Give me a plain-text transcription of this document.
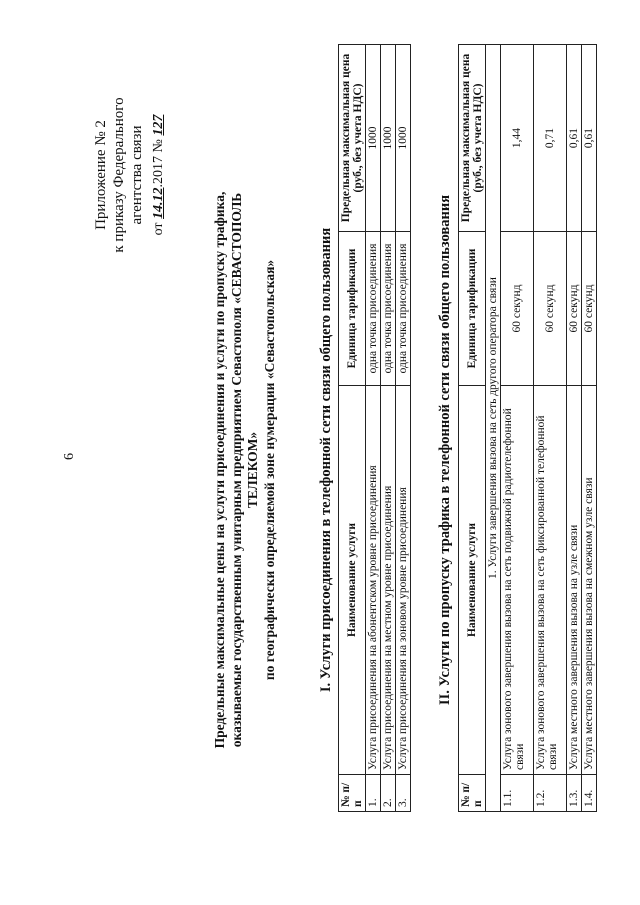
6
Приложение № 2 к приказу Федерального агентства связи
от 14.12.2017 № 127
Предельные максимальные цены на услуги присоединения и услуги по пропуску трафика, оказываемые государственным унитарным предприятием Севастополя «СЕВАСТОПОЛЬ ТЕЛЕКОМ» по географически определяемой зоне нумерации «Севастопольская»	I. Услуги присоединения в телефонной сети связи общего пользования
№ п/п	Наименование услуги	Единица тарификации	Предельная максимальная цена (руб., без учета НДС)
1.	Услуга присоединения на абонентском уровне присоединения	одна точка присоединения	1000
2.	Услуга присоединения на местном уровне присоединения	одна точка присоединения	1000
3.	Услуга присоединения на зоновом уровне присоединения	одна точка присоединения	1000
II. Услуги по пропуску трафика в телефонной сети связи общего пользования
№ п/п	Наименование услуги	Единица тарификации	Предельная максимальная цена (руб., без учета НДС)
1. Услуги завершения вызова на сеть другого оператора связи			
1.1.	Услуга зонового завершения вызова на сеть подвижной радиотелефонной связи	60 секунд	1,44
1.2.	Услуга зонового завершения вызова на сеть фиксированной телефонной связи	60 секунд	0,71
1.3.	Услуга местного завершения вызова на узле связи	60 секунд	0,61
1.4.	Услуга местного завершения вызова на смежном узле связи	60 секунд	0,61
